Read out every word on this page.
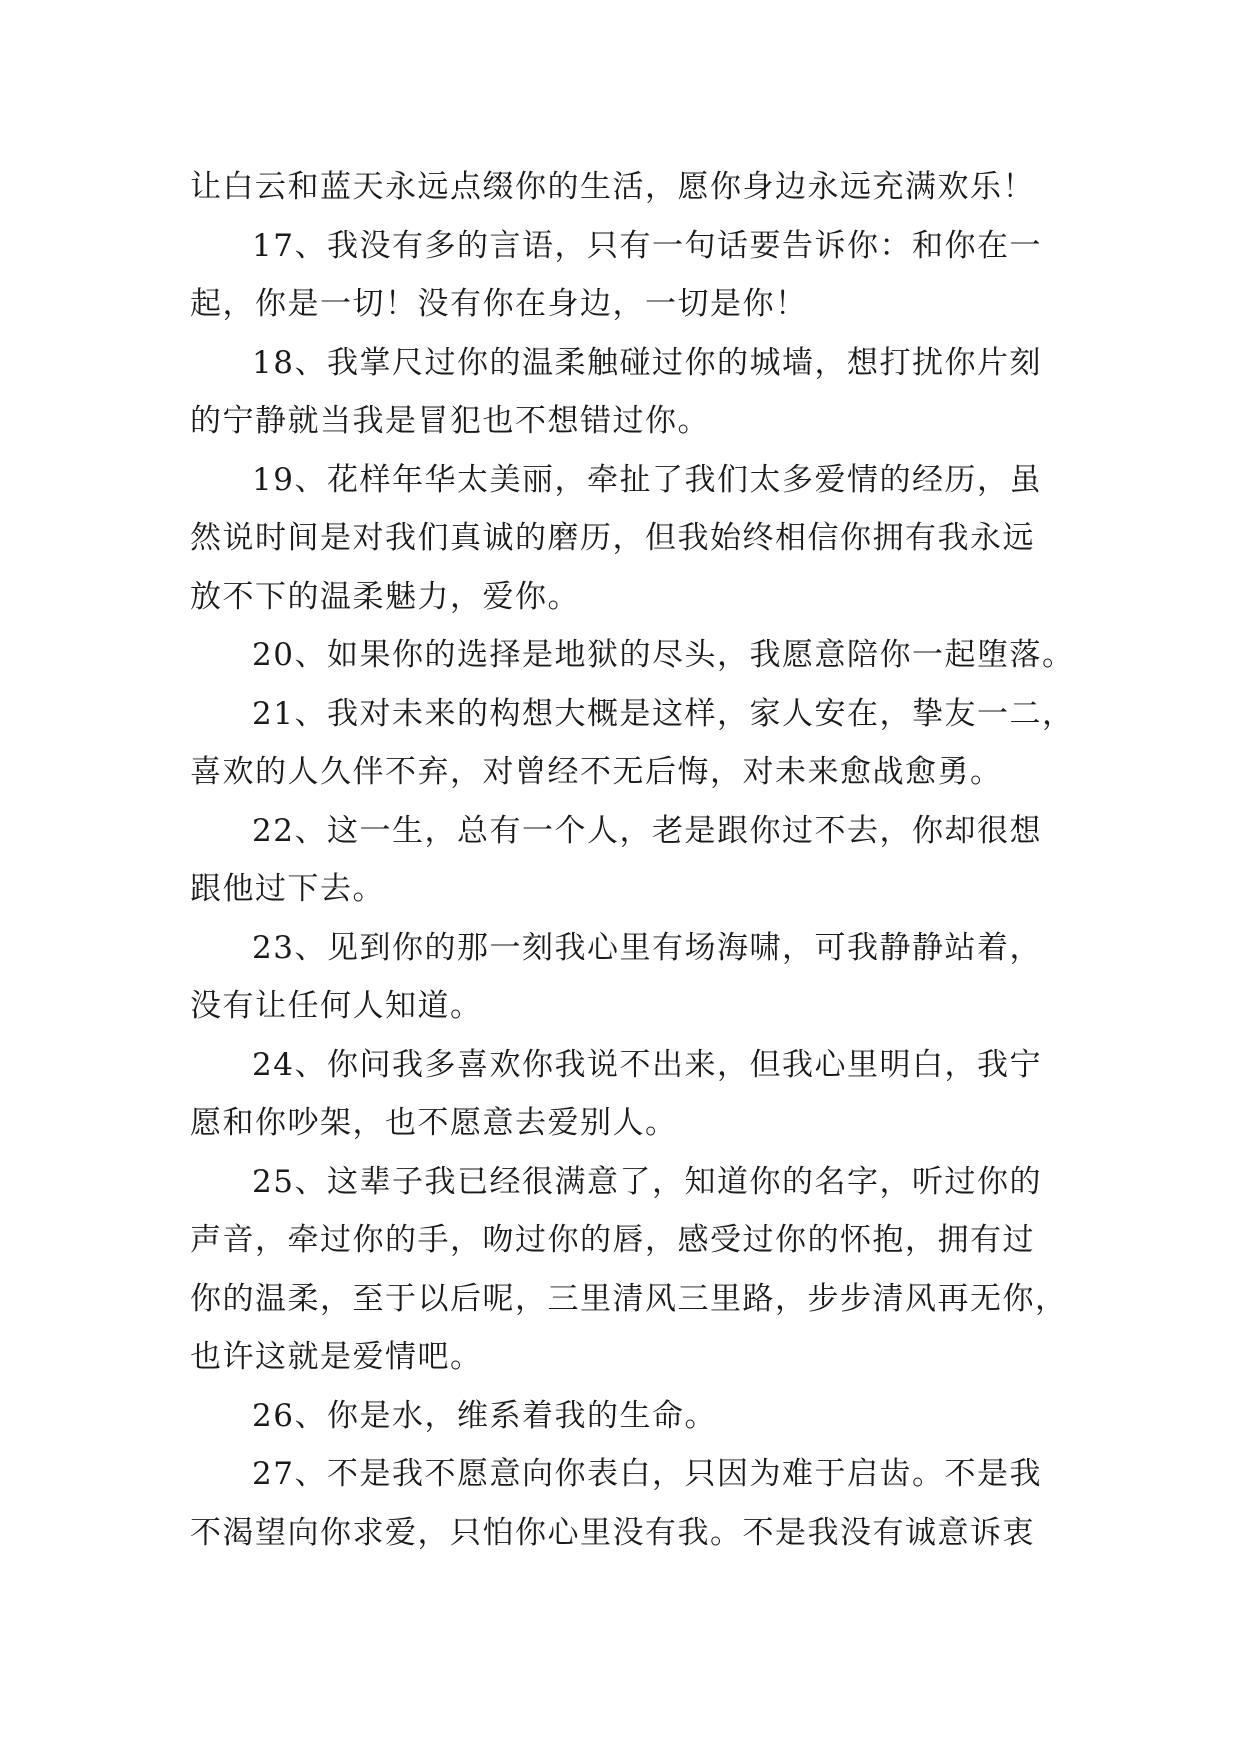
让白云和蓝天永远点缀你的生活，愿你身边永远充满欢乐！
17、我没有多的言语，只有一句话要告诉你：和你在一
起，你是一切！没有你在身边，一切是你！
18、我掌尺过你的温柔触碰过你的城墙，想打扰你片刻
的宁静就当我是冒犯也不想错过你。
19、花样年华太美丽，牵扯了我们太多爱情的经历，虽
然说时间是对我们真诚的磨历，但我始终相信你拥有我永远
放不下的温柔魅力，爱你。
20、如果你的选择是地狱的尽头，我愿意陪你一起堕落。
21、我对未来的构想大概是这样，家人安在，挚友一二，
喜欢的人久伴不弃，对曾经不无后悔，对未来愈战愈勇。
22、这一生，总有一个人，老是跟你过不去，你却很想
跟他过下去。
23、见到你的那一刻我心里有场海啸，可我静静站着，
没有让任何人知道。
24、你问我多喜欢你我说不出来，但我心里明白，我宁
愿和你吵架，也不愿意去爱别人。
25、这辈子我已经很满意了，知道你的名字，听过你的
声音，牵过你的手，吻过你的唇，感受过你的怀抱，拥有过
你的温柔，至于以后呢，三里清风三里路，步步清风再无你，
也许这就是爱情吧。
26、你是水，维系着我的生命。
27、不是我不愿意向你表白，只因为难于启齿。不是我
不渴望向你求爱，只怕你心里没有我。不是我没有诚意诉衷
